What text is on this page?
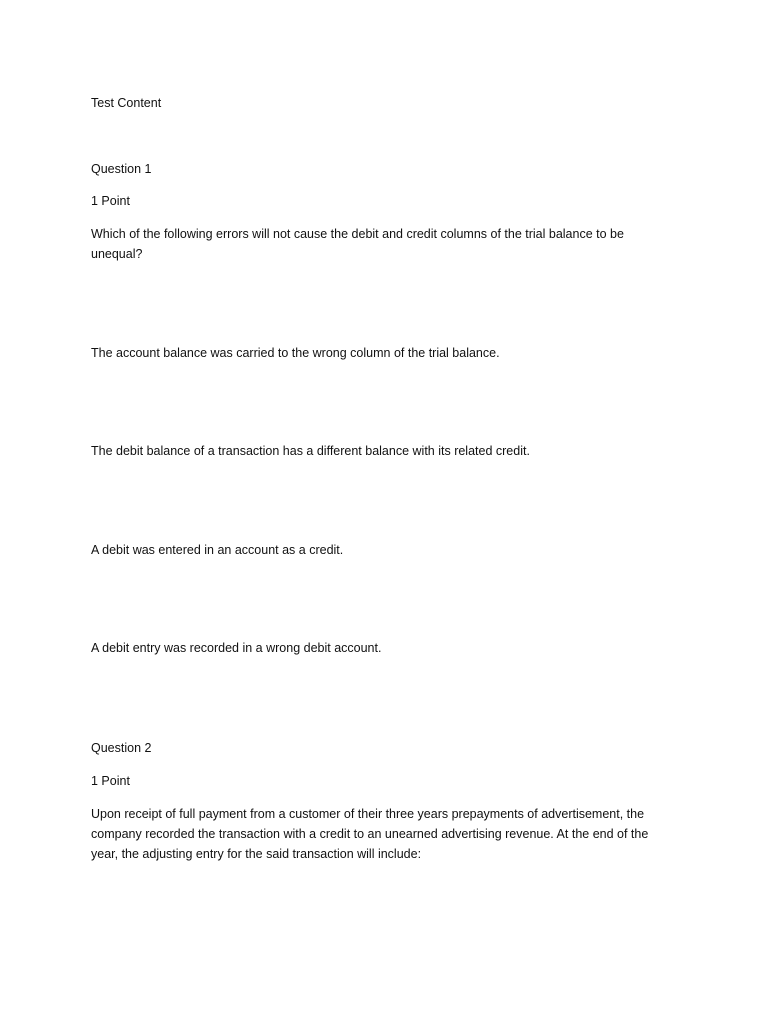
Test Content

Question 1

1 Point

Which of the following errors will not cause the debit and credit columns of the trial balance to be unequal?

The account balance was carried to the wrong column of the trial balance.

The debit balance of a transaction has a different balance with its related credit.

A debit was entered in an account as a credit.

A debit entry was recorded in a wrong debit account.

Question 2

1 Point

Upon receipt of full payment from a customer of their three years prepayments of advertisement, the company recorded the transaction with a credit to an unearned advertising revenue. At the end of the year, the adjusting entry for the said transaction will include:
